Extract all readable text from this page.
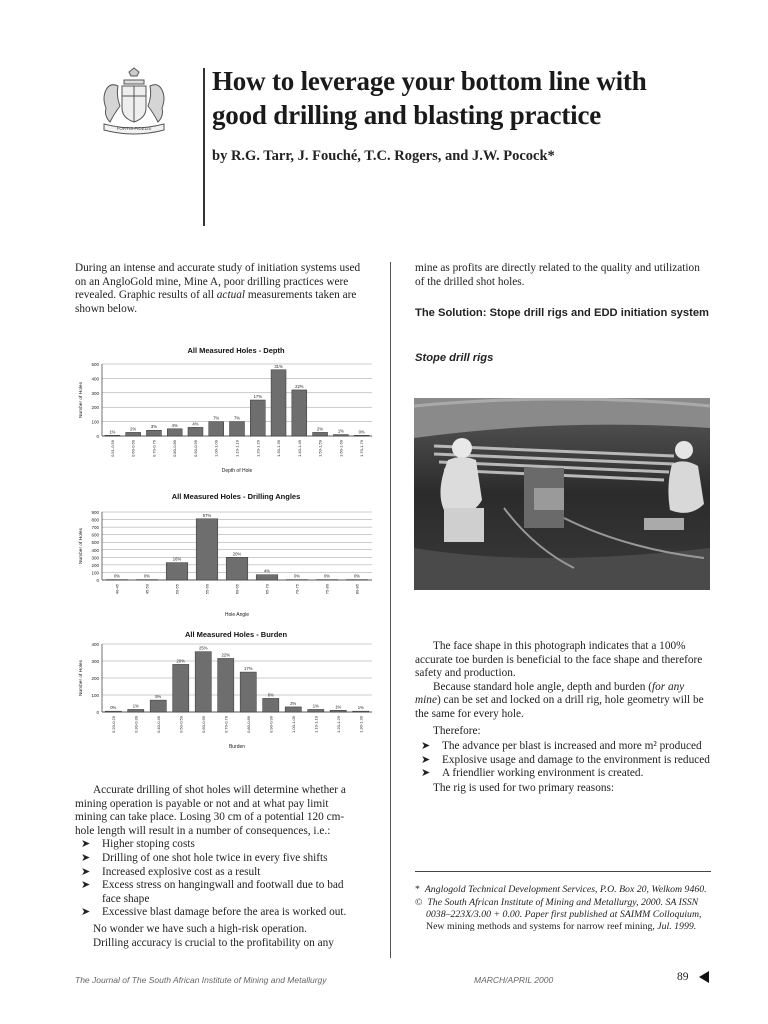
FORTIS FIDELIS
How to leverage your bottom line with
good drilling and blasting practice
by R.G. Tarr, J. Fouché, T.C. Rogers, and J.W. Pocock*

During an intense and accurate study of initiation systems used on an AngloGold mine, Mine A, poor drilling practices were revealed. Graphic results of all actual measurements taken are shown below.

All Measured Holes - Depth
0
100
200
300
400
500
Number of Holes
1%
0.51-0.59
2%
0.60-0.69
3%
0.70-0.79
4%
0.80-0.89
4%
0.90-0.99
7%
1.00-1.09
7%
1.10-1.19
17%
1.20-1.29
31%
1.30-1.39
22%
1.40-1.49
2%
1.50-1.59
1%
1.60-1.69
0%
1.70-1.79
Depth of Hole
All Measured Holes - Drilling Angles
0
100
200
300
400
500
600
700
800
900
Number of Holes
0%
40-45
0%
45-50
16%
50-55
57%
55-60
20%
60-65
4%
65-70
0%
70-75
0%
75-80
0%
80-85
Hole Angle
All Measured Holes - Burden
0
100
200
300
400
Number of Holes
0%
0.20-0.29
1%
0.30-0.39
5%
0.40-0.49
20%
0.50-0.59
25%
0.60-0.69
22%
0.70-0.79
17%
0.80-0.89
6%
0.90-0.99
2%
1.00-1.09
1%
1.10-1.19
1%
1.20-1.29
1%
1.30-1.39
Burden

Accurate drilling of shot holes will determine whether a mining operation is payable or not and at what pay limit mining can take place. Losing 30 cm of a potential 120 cm-hole length will result in a number of consequences, i.e.:

➤ Higher stoping costs
➤ Drilling of one shot hole twice in every five shifts
➤ Increased explosive cost as a result
➤ Excess stress on hangingwall and footwall due to bad face shape
➤ Excessive blast damage before the area is worked out.

No wonder we have such a high-risk operation.

Drilling accuracy is crucial to the profitability on any

mine as profits are directly related to the quality and utilization of the drilled shot holes.

The Solution: Stope drill rigs and EDD initiation system
Stope drill rigs

The face shape in this photograph indicates that a 100% accurate toe burden is beneficial to the face shape and therefore safety and production.

Because standard hole angle, depth and burden (for any mine) can be set and locked on a drill rig, hole geometry will be the same for every hole.

Therefore:

➤ The advance per blast is increased and more m² produced
➤ Explosive usage and damage to the environment is reduced
➤ A friendlier working environment is created.

The rig is used for two primary reasons:

* Anglogold Technical Development Services, P.O. Box 20, Welkom 9460.

© The South African Institute of Mining and Metallurgy, 2000. SA ISSN 0038–223X/3.00 + 0.00. Paper first published at SAIMM Colloquium, New mining methods and systems for narrow reef mining, Jul. 1999.

The Journal of The South African Institute of Mining and Metallurgy	MARCH/APRIL 2000	89
